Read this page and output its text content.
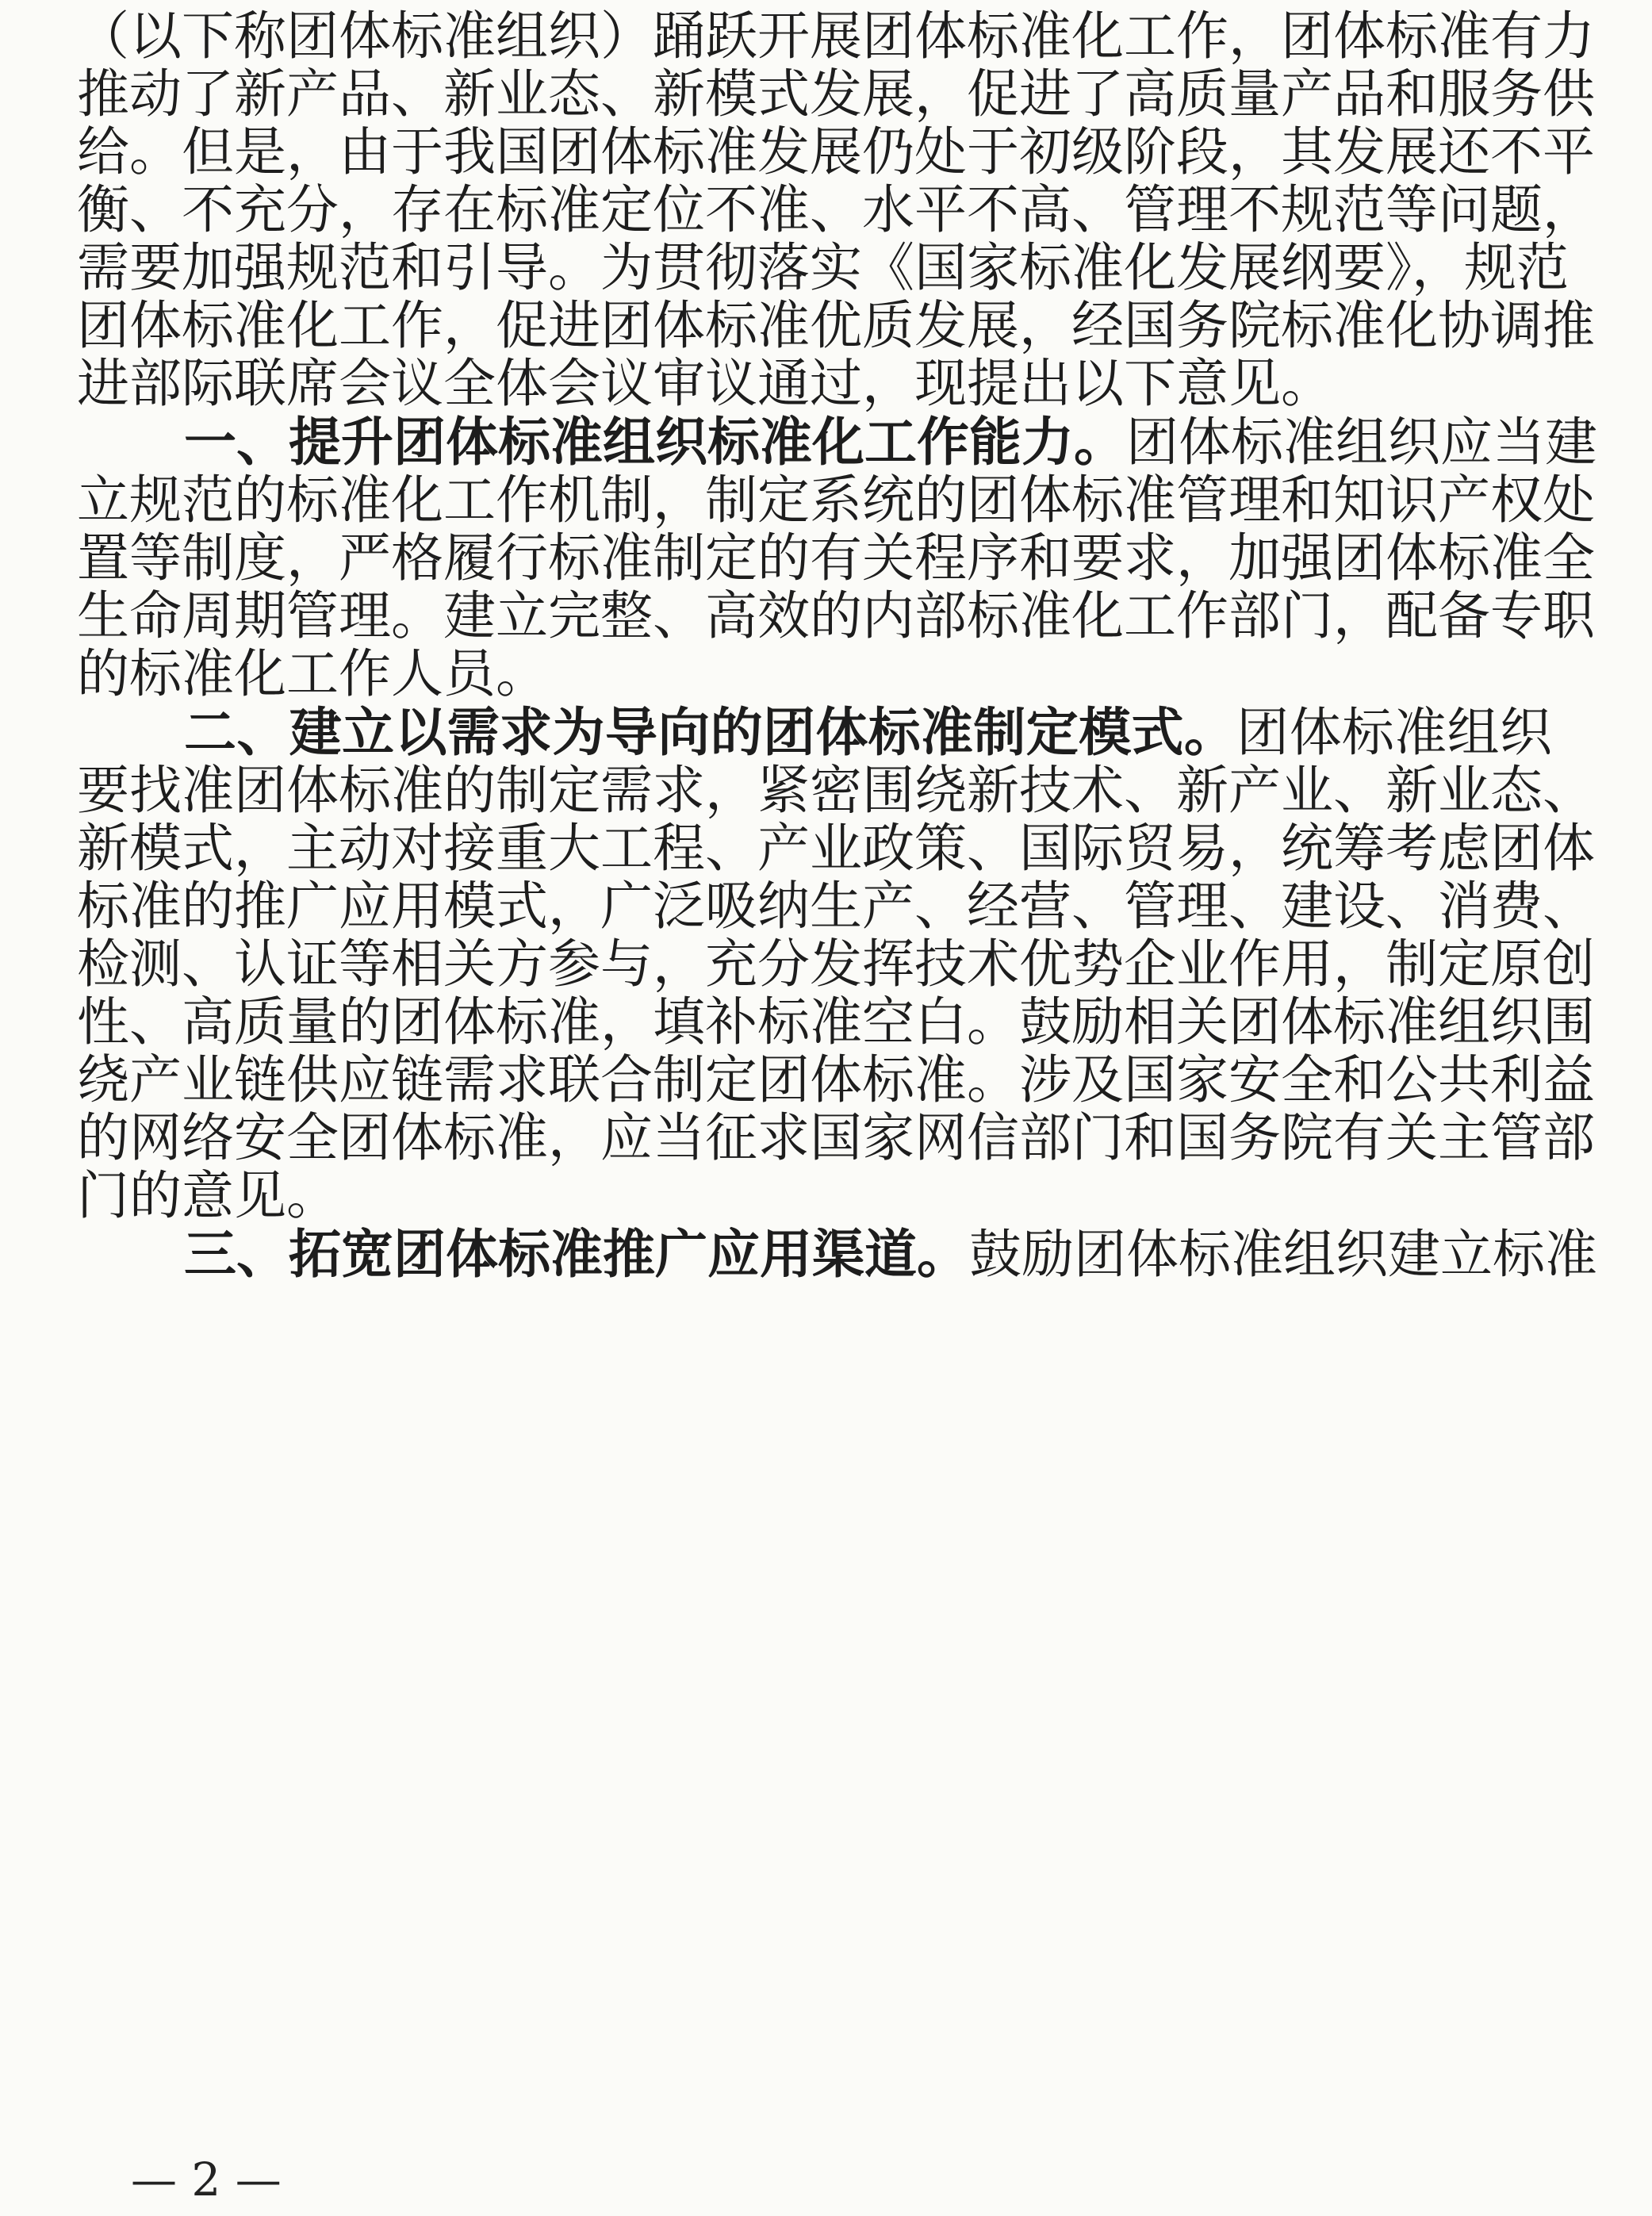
（以下称团体标准组织）踊跃开展团体标准化工作，团体标准有力
推动了新产品、新业态、新模式发展，促进了高质量产品和服务供
给。但是，由于我国团体标准发展仍处于初级阶段，其发展还不平
衡、不充分，存在标准定位不准、水平不高、管理不规范等问题，
需要加强规范和引导。为贯彻落实《国家标准化发展纲要》，规范
团体标准化工作，促进团体标准优质发展，经国务院标准化协调推
进部际联席会议全体会议审议通过，现提出以下意见。
一、提升团体标准组织标准化工作能力。团体标准组织应当建
立规范的标准化工作机制，制定系统的团体标准管理和知识产权处
置等制度，严格履行标准制定的有关程序和要求，加强团体标准全
生命周期管理。建立完整、高效的内部标准化工作部门，配备专职
的标准化工作人员。
二、建立以需求为导向的团体标准制定模式。团体标准组织
要找准团体标准的制定需求，紧密围绕新技术、新产业、新业态、
新模式，主动对接重大工程、产业政策、国际贸易，统筹考虑团体
标准的推广应用模式，广泛吸纳生产、经营、管理、建设、消费、
检测、认证等相关方参与，充分发挥技术优势企业作用，制定原创
性、高质量的团体标准，填补标准空白。鼓励相关团体标准组织围
绕产业链供应链需求联合制定团体标准。涉及国家安全和公共利益
的网络安全团体标准，应当征求国家网信部门和国务院有关主管部
门的意见。
三、拓宽团体标准推广应用渠道。鼓励团体标准组织建立标准
— 2 —
